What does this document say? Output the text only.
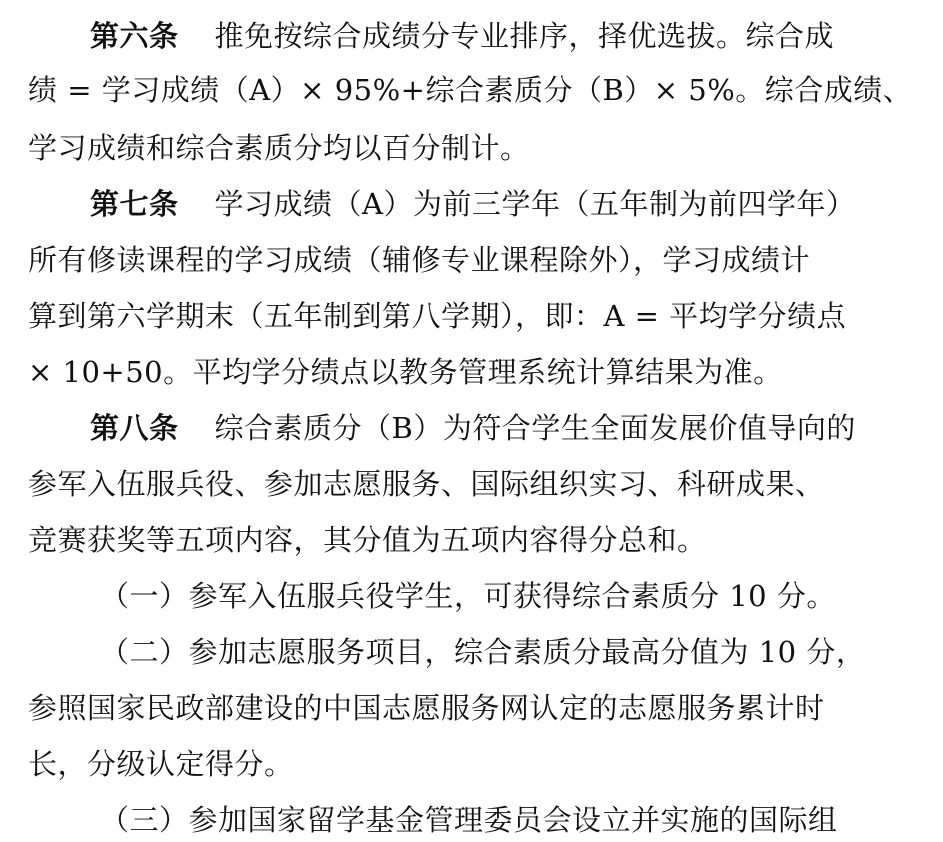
第六条 推免按综合成绩分专业排序，择优选拔。综合成
绩 = 学习成绩（A）× 95%+综合素质分（B）× 5%。综合成绩、
学习成绩和综合素质分均以百分制计。
第七条 学习成绩（A）为前三学年（五年制为前四学年）
所有修读课程的学习成绩（辅修专业课程除外），学习成绩计
算到第六学期末（五年制到第八学期），即：A = 平均学分绩点
× 10+50。平均学分绩点以教务管理系统计算结果为准。
第八条 综合素质分（B）为符合学生全面发展价值导向的
参军入伍服兵役、参加志愿服务、国际组织实习、科研成果、
竞赛获奖等五项内容，其分值为五项内容得分总和。
（一）参军入伍服兵役学生，可获得综合素质分 10 分。
（二）参加志愿服务项目，综合素质分最高分值为 10 分，
参照国家民政部建设的中国志愿服务网认定的志愿服务累计时
长，分级认定得分。
（三）参加国家留学基金管理委员会设立并实施的国际组
